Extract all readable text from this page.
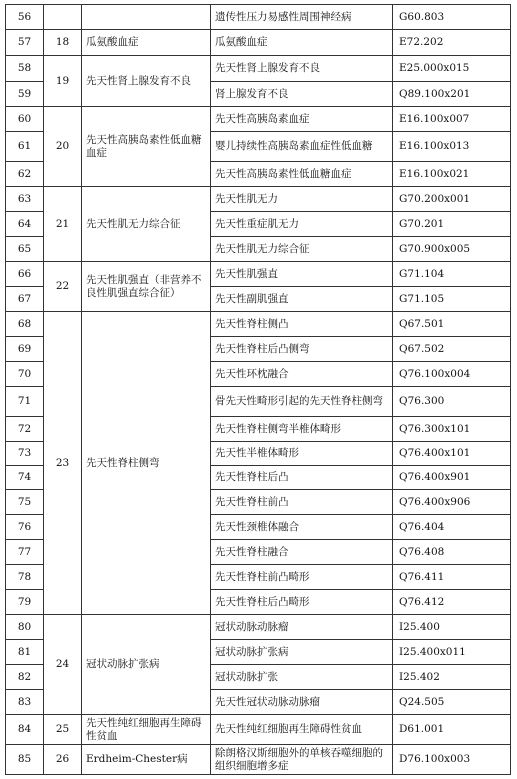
56			遗传性压力易感性周围神经病	G60.803
57	18	瓜氨酸血症	瓜氨酸血症	E72.202
58	19	先天性肾上腺发育不良	先天性肾上腺发育不良	E25.000x015
59			肾上腺发育不良	Q89.100x201
60	20	先天性高胰岛素性低血糖血症	先天性高胰岛素血症	E16.100x007
61			婴儿持续性高胰岛素血症性低血糖	E16.100x013
62			先天性高胰岛素性低血糖血症	E16.100x021
63	21	先天性肌无力综合征	先天性肌无力	G70.200x001
64			先天性重症肌无力	G70.201
65			先天性肌无力综合征	G70.900x005
66	22	先天性肌强直（非营养不良性肌强直综合征）	先天性肌强直	G71.104
67			先天性副肌强直	G71.105
68	23	先天性脊柱侧弯	先天性脊柱侧凸	Q67.501
69			先天性脊柱后凸侧弯	Q67.502
70			先天性环枕融合	Q76.100x004
71			骨先天性畸形引起的先天性脊柱侧弯	Q76.300
72			先天性脊柱侧弯半椎体畸形	Q76.300x101
73			先天性半椎体畸形	Q76.400x101
74			先天性脊柱后凸	Q76.400x901
75			先天性脊柱前凸	Q76.400x906
76			先天性颈椎体融合	Q76.404
77			先天性脊柱融合	Q76.408
78			先天性脊柱前凸畸形	Q76.411
79			先天性脊柱后凸畸形	Q76.412
80	24	冠状动脉扩张病	冠状动脉动脉瘤	I25.400
81			冠状动脉扩张病	I25.400x011
82			冠状动脉扩张	I25.402
83			先天性冠状动脉动脉瘤	Q24.505
84	25	先天性纯红细胞再生障碍性贫血	先天性纯红细胞再生障碍性贫血	D61.001
85	26	Erdheim-Chester病	除朗格汉斯细胞外的单核吞噬细胞的组织细胞增多症	D76.100x003
